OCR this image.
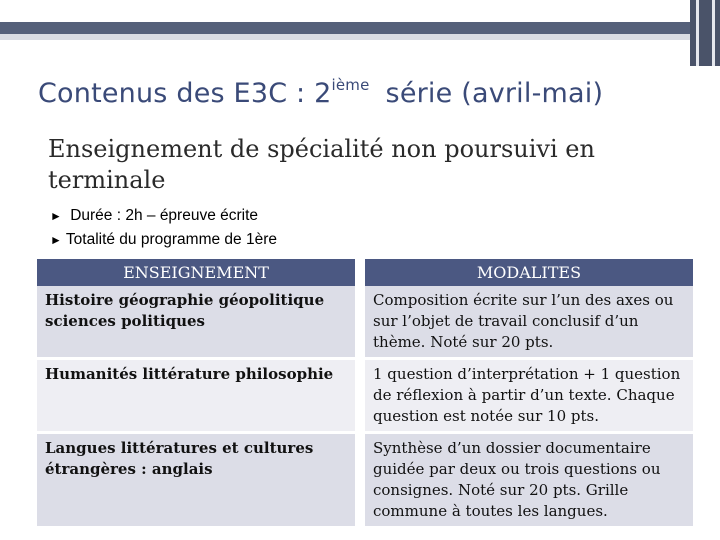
Contenus des E3C : 2ième série (avril-mai)
Enseignement de spécialité non poursuivi en terminale
► Durée : 2h – épreuve écrite
► Totalité du programme de 1ère
ENSEIGNEMENT		MODALITES
Histoire géographie géopolitique sciences politiques		Composition écrite sur l’un des axes ou sur l’objet de travail conclusif d’un thème. Noté sur 20 pts.

Humanités littérature philosophie		1 question d’interprétation + 1 question de réflexion à partir d’un texte. Chaque question est notée sur 10 pts.

Langues littératures et cultures étrangères : anglais		Synthèse d’un dossier documentaire guidée par deux ou trois questions ou consignes. Noté sur 20 pts. Grille commune à toutes les langues.
